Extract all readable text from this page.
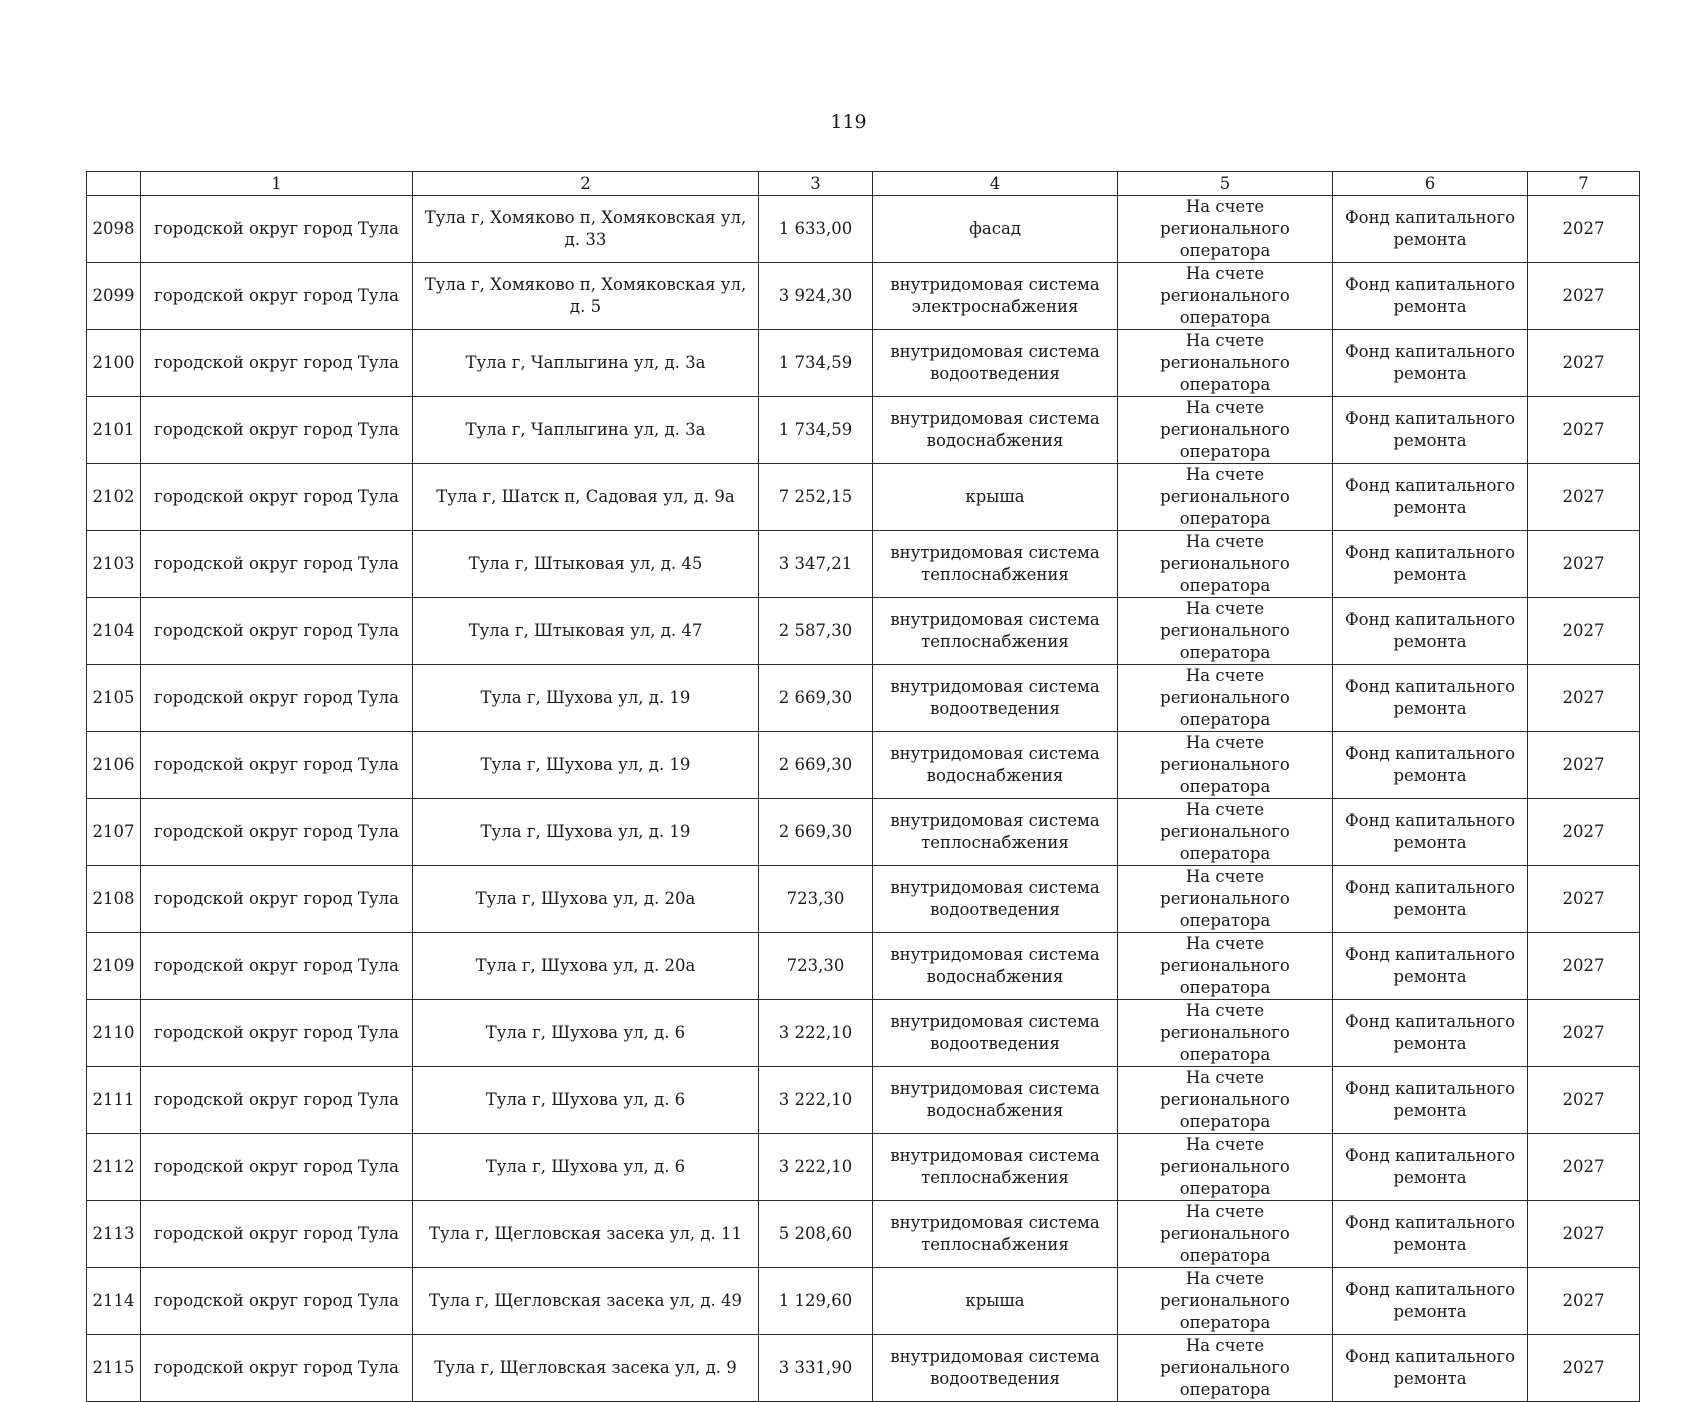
119
	1	2	3	4	5	6	7
2098	городской округ город Тула	Тула г, Хомяково п, Хомяковская ул, д. 33	1 633,00	фасад	На счете регионального оператора	Фонд капитального ремонта	2027
2099	городской округ город Тула	Тула г, Хомяково п, Хомяковская ул, д. 5	3 924,30	внутридомовая система электроснабжения	На счете регионального оператора	Фонд капитального ремонта	2027
2100	городской округ город Тула	Тула г, Чаплыгина ул, д. 3а	1 734,59	внутридомовая система водоотведения	На счете регионального оператора	Фонд капитального ремонта	2027
2101	городской округ город Тула	Тула г, Чаплыгина ул, д. 3а	1 734,59	внутридомовая система водоснабжения	На счете регионального оператора	Фонд капитального ремонта	2027
2102	городской округ город Тула	Тула г, Шатск п, Садовая ул, д. 9а	7 252,15	крыша	На счете регионального оператора	Фонд капитального ремонта	2027
2103	городской округ город Тула	Тула г, Штыковая ул, д. 45	3 347,21	внутридомовая система теплоснабжения	На счете регионального оператора	Фонд капитального ремонта	2027
2104	городской округ город Тула	Тула г, Штыковая ул, д. 47	2 587,30	внутридомовая система теплоснабжения	На счете регионального оператора	Фонд капитального ремонта	2027
2105	городской округ город Тула	Тула г, Шухова ул, д. 19	2 669,30	внутридомовая система водоотведения	На счете регионального оператора	Фонд капитального ремонта	2027
2106	городской округ город Тула	Тула г, Шухова ул, д. 19	2 669,30	внутридомовая система водоснабжения	На счете регионального оператора	Фонд капитального ремонта	2027
2107	городской округ город Тула	Тула г, Шухова ул, д. 19	2 669,30	внутридомовая система теплоснабжения	На счете регионального оператора	Фонд капитального ремонта	2027
2108	городской округ город Тула	Тула г, Шухова ул, д. 20а	723,30	внутридомовая система водоотведения	На счете регионального оператора	Фонд капитального ремонта	2027
2109	городской округ город Тула	Тула г, Шухова ул, д. 20а	723,30	внутридомовая система водоснабжения	На счете регионального оператора	Фонд капитального ремонта	2027
2110	городской округ город Тула	Тула г, Шухова ул, д. 6	3 222,10	внутридомовая система водоотведения	На счете регионального оператора	Фонд капитального ремонта	2027
2111	городской округ город Тула	Тула г, Шухова ул, д. 6	3 222,10	внутридомовая система водоснабжения	На счете регионального оператора	Фонд капитального ремонта	2027
2112	городской округ город Тула	Тула г, Шухова ул, д. 6	3 222,10	внутридомовая система теплоснабжения	На счете регионального оператора	Фонд капитального ремонта	2027
2113	городской округ город Тула	Тула г, Щегловская засека ул, д. 11	5 208,60	внутридомовая система теплоснабжения	На счете регионального оператора	Фонд капитального ремонта	2027
2114	городской округ город Тула	Тула г, Щегловская засека ул, д. 49	1 129,60	крыша	На счете регионального оператора	Фонд капитального ремонта	2027
2115	городской округ город Тула	Тула г, Щегловская засека ул, д. 9	3 331,90	внутридомовая система водоотведения	На счете регионального оператора	Фонд капитального ремонта	2027
